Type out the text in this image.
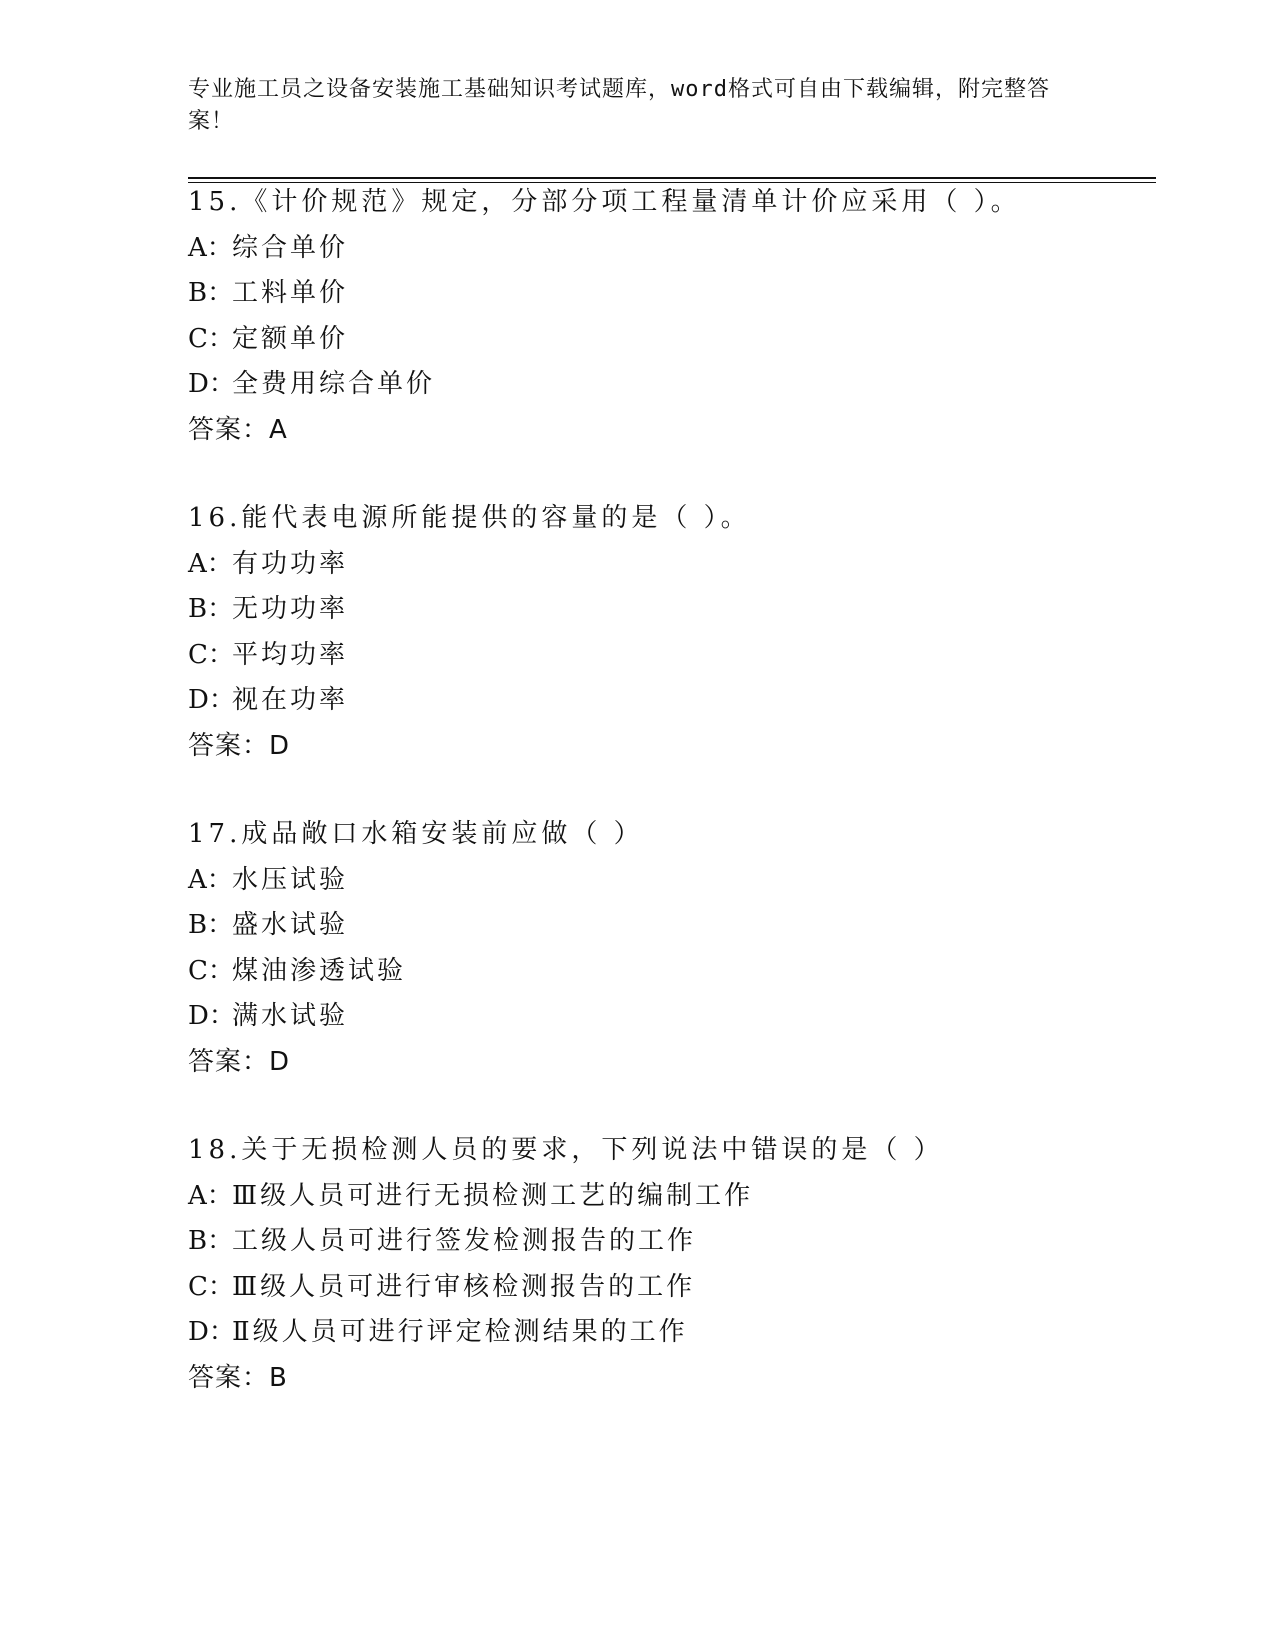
专业施工员之设备安装施工基础知识考试题库，word格式可自由下载编辑，附完整答案！
15.《计价规范》规定，分部分项工程量清单计价应采用（ ）。
A：综合单价
B：工料单价
C：定额单价
D：全费用综合单价
答案：A
16.能代表电源所能提供的容量的是（ ）。
A：有功功率
B：无功功率
C：平均功率
D：视在功率
答案：D
17.成品敞口水箱安装前应做（ ）
A：水压试验
B：盛水试验
C：煤油渗透试验
D：满水试验
答案：D
18.关于无损检测人员的要求，下列说法中错误的是（ ）
A：Ⅲ级人员可进行无损检测工艺的编制工作
B：工级人员可进行签发检测报告的工作
C：Ⅲ级人员可进行审核检测报告的工作
D：Ⅱ级人员可进行评定检测结果的工作
答案：B
